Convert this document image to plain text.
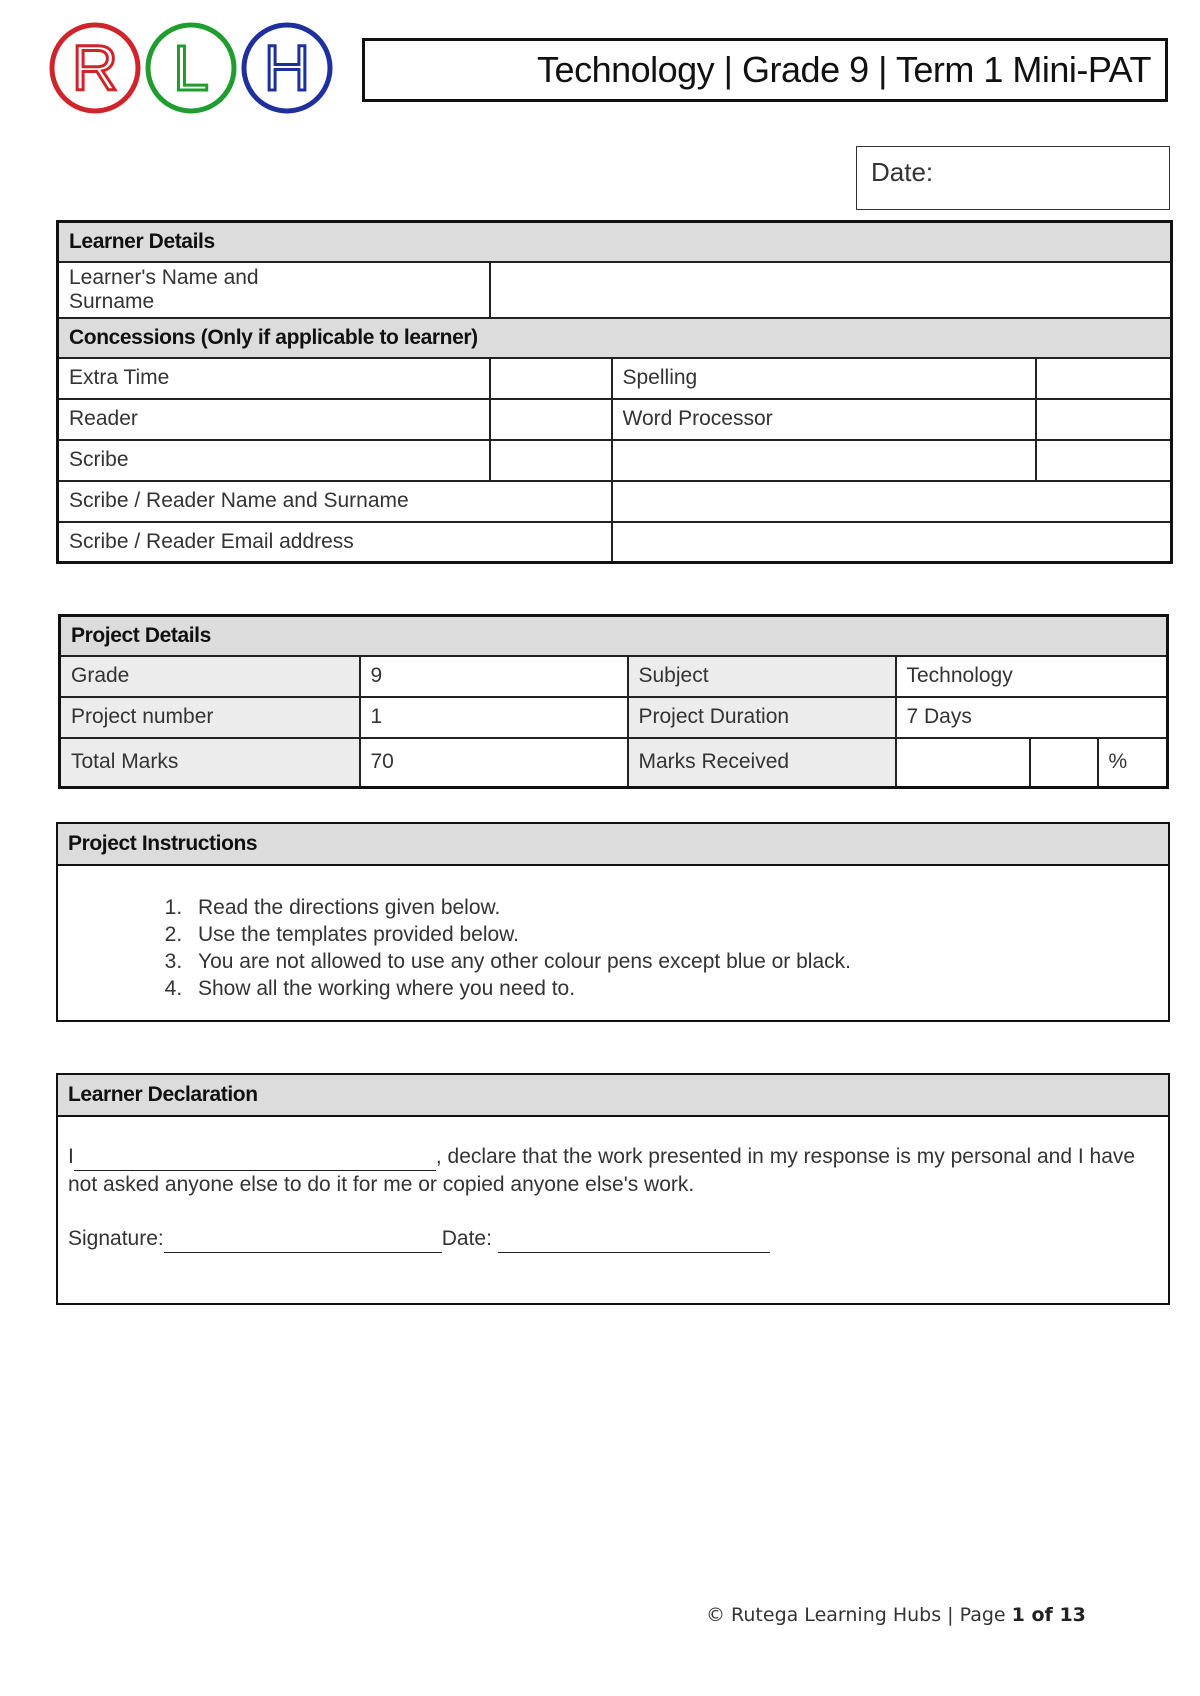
R L H	Technology | Grade 9 | Term 1 Mini-PAT
Date:
Learner Details			

Learner's Name and Surname			

Concessions (Only if applicable to learner)			
Extra Time		Spelling	
Reader		Word Processor	
Scribe			
Scribe / Reader Name and Surname			
Scribe / Reader Email address			
Project Details					
Grade	9	Subject	Technology		
Project number	1	Project Duration	7 Days		
Total Marks	70	Marks Received			%
Project Instructions
1. Read the directions given below.
2. Use the templates provided below.
3. You are not allowed to use any other colour pens except blue or black.
4. Show all the working where you need to.
Learner Declaration
I	, declare that the work presented in my response is my personal and I have not asked anyone else to do it for me or copied anyone else's work.
Signature:	Date:
© Rutega Learning Hubs | Page 1 of 13
